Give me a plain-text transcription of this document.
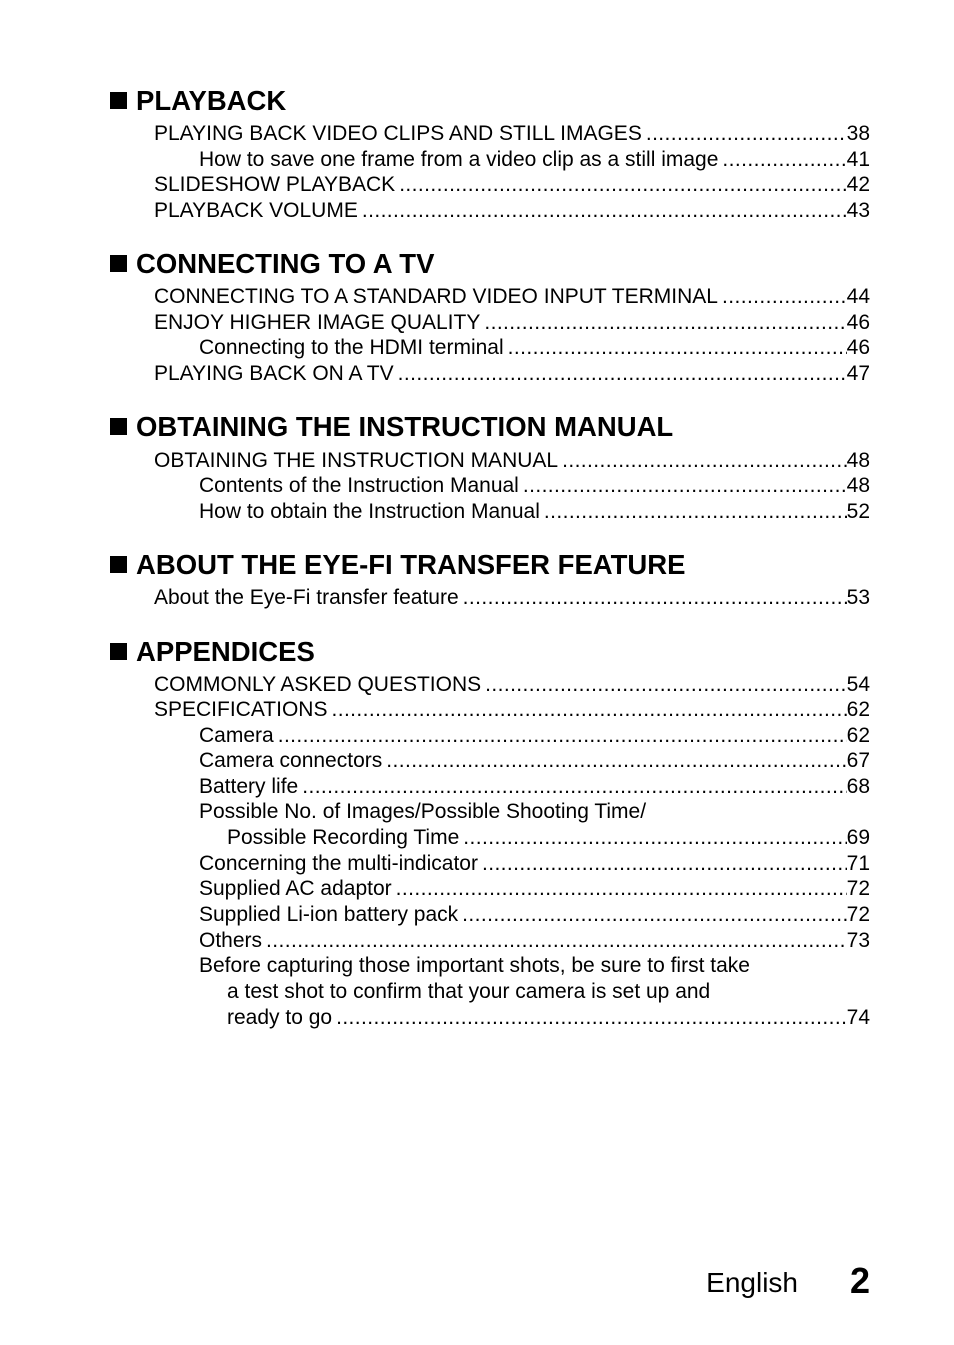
PLAYBACK
PLAYING BACK VIDEO CLIPS AND STILL IMAGES .....	38
How to save one frame from a video clip as a still image .....	41
SLIDESHOW PLAYBACK .....	42
PLAYBACK VOLUME .....	43
CONNECTING TO A TV
CONNECTING TO A STANDARD VIDEO INPUT TERMINAL .....	44
ENJOY HIGHER IMAGE QUALITY .....	46
Connecting to the HDMI terminal .....	46
PLAYING BACK ON A TV .....	47
OBTAINING THE INSTRUCTION MANUAL
OBTAINING THE INSTRUCTION MANUAL .....	48
Contents of the Instruction Manual .....	48
How to obtain the Instruction Manual .....	52
ABOUT THE EYE-FI TRANSFER FEATURE
About the Eye-Fi transfer feature .....	53
APPENDICES
COMMONLY ASKED QUESTIONS .....	54
SPECIFICATIONS .....	62
Camera .....	62
Camera connectors .....	67
Battery life .....	68
Possible No. of Images/Possible Shooting Time/
Possible Recording Time .....	69
Concerning the multi-indicator .....	71
Supplied AC adaptor .....	72
Supplied Li-ion battery pack .....	72
Others .....	73
Before capturing those important shots, be sure to first take
a test shot to confirm that your camera is set up and
ready to go .....	74
English 2
